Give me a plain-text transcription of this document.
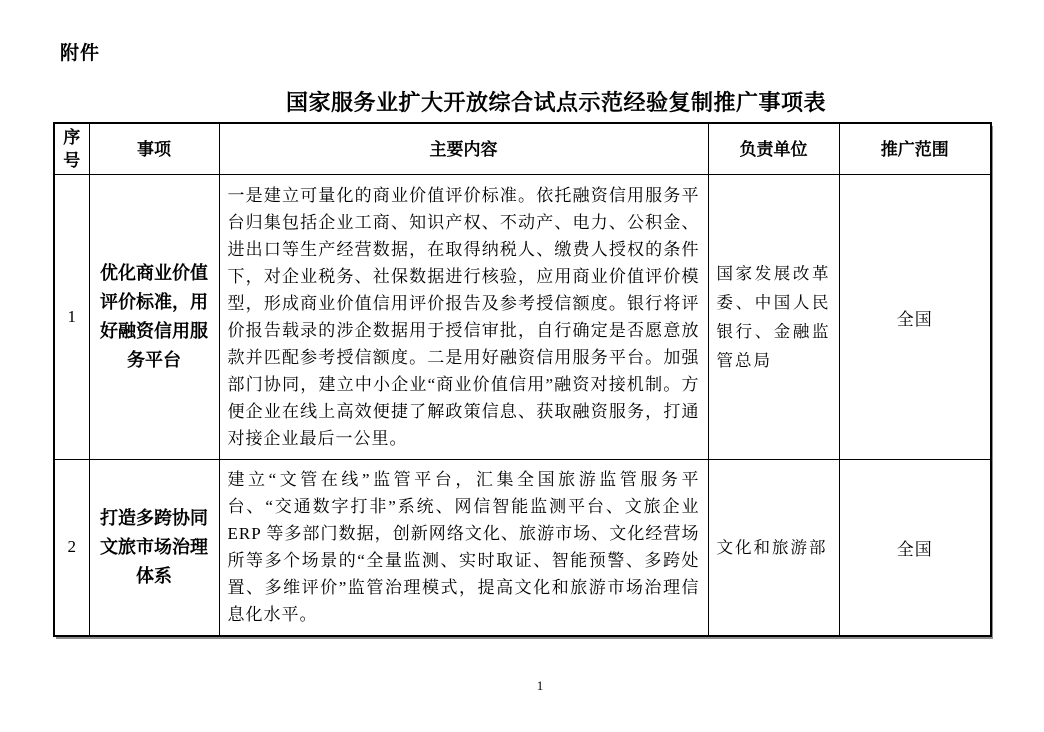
附件
国家服务业扩大开放综合试点示范经验复制推广事项表
序号	事项	主要内容	负责单位	推广范围
1	优化商业价值评价标准，用好融资信用服务平台	一是建立可量化的商业价值评价标准。依托融资信用服务平台归集包括企业工商、知识产权、不动产、电力、公积金、进出口等生产经营数据，在取得纳税人、缴费人授权的条件下，对企业税务、社保数据进行核验，应用商业价值评价模型，形成商业价值信用评价报告及参考授信额度。银行将评价报告载录的涉企数据用于授信审批，自行确定是否愿意放款并匹配参考授信额度。二是用好融资信用服务平台。加强部门协同，建立中小企业“商业价值信用”融资对接机制。方便企业在线上高效便捷了解政策信息、获取融资服务，打通对接企业最后一公里。	国家发展改革委、中国人民银行、金融监管总局	全国
2	打造多跨协同文旅市场治理体系	建立“文管在线”监管平台，汇集全国旅游监管服务平台、“交通数字打非”系统、网信智能监测平台、文旅企业 ERP 等多部门数据，创新网络文化、旅游市场、文化经营场所等多个场景的“全量监测、实时取证、智能预警、多跨处置、多维评价”监管治理模式，提高文化和旅游市场治理信息化水平。	文化和旅游部	全国
1
